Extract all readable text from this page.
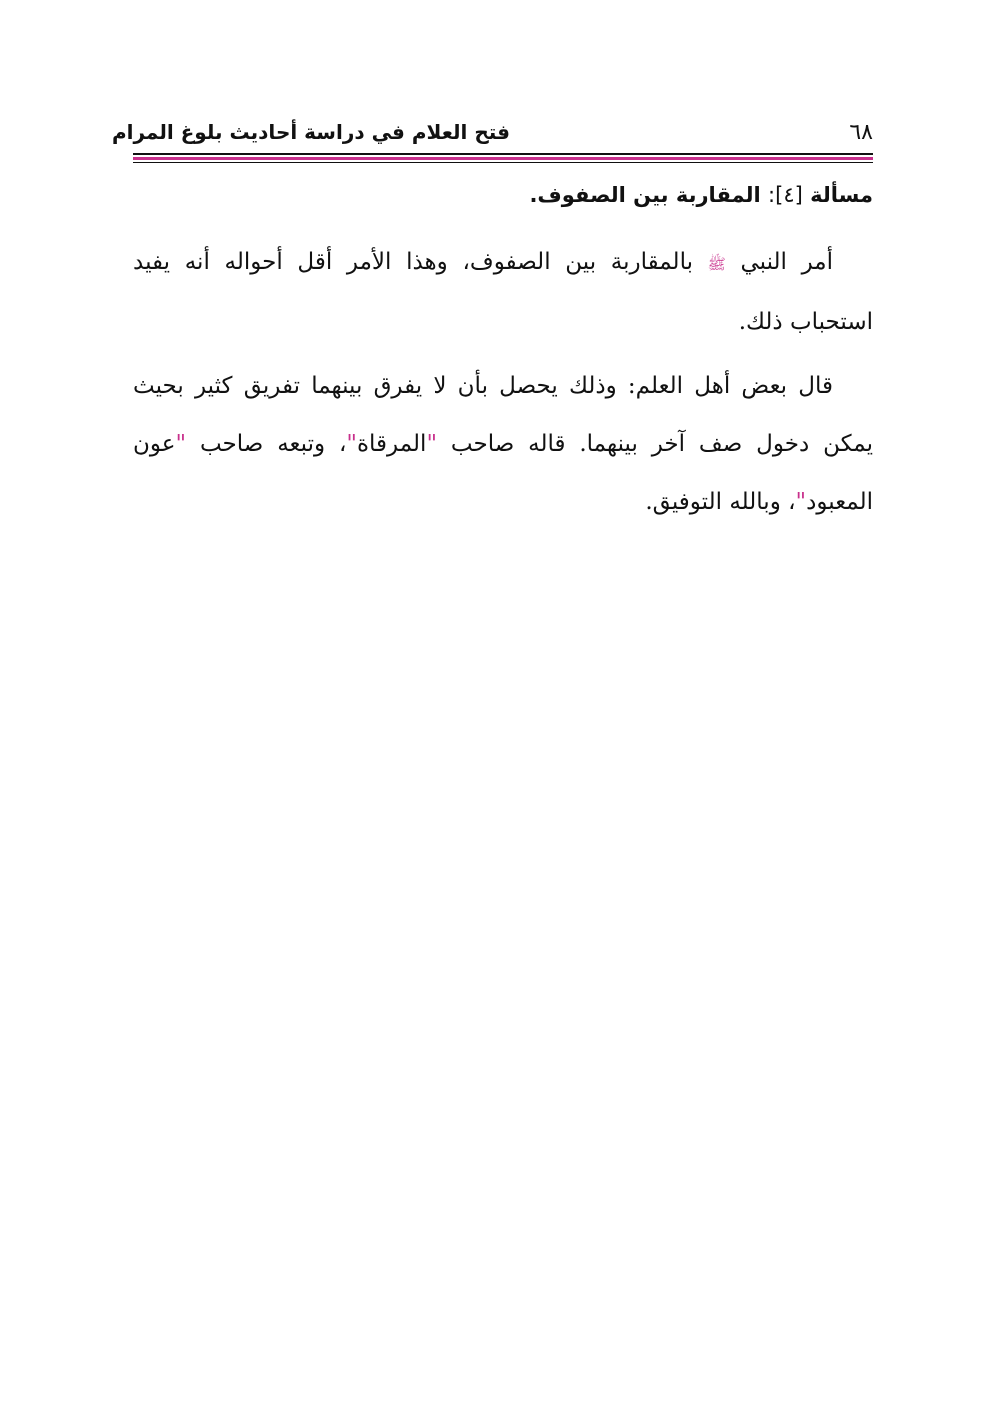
٦٨
فتح العلام في دراسة أحاديث بلوغ المرام
مسألة [٤]: المقاربة بين الصفوف.

أمر النبي ﷺ بالمقاربة بين الصفوف، وهذا الأمر أقل أحواله أنه يفيد استحباب ذلك.

قال بعض أهل العلم: وذلك يحصل بأن لا يفرق بينهما تفريق كثير بحيث يمكن دخول صف آخر بينهما. قاله صاحب "المرقاة"، وتبعه صاحب "عون المعبود"، وبالله التوفيق.
